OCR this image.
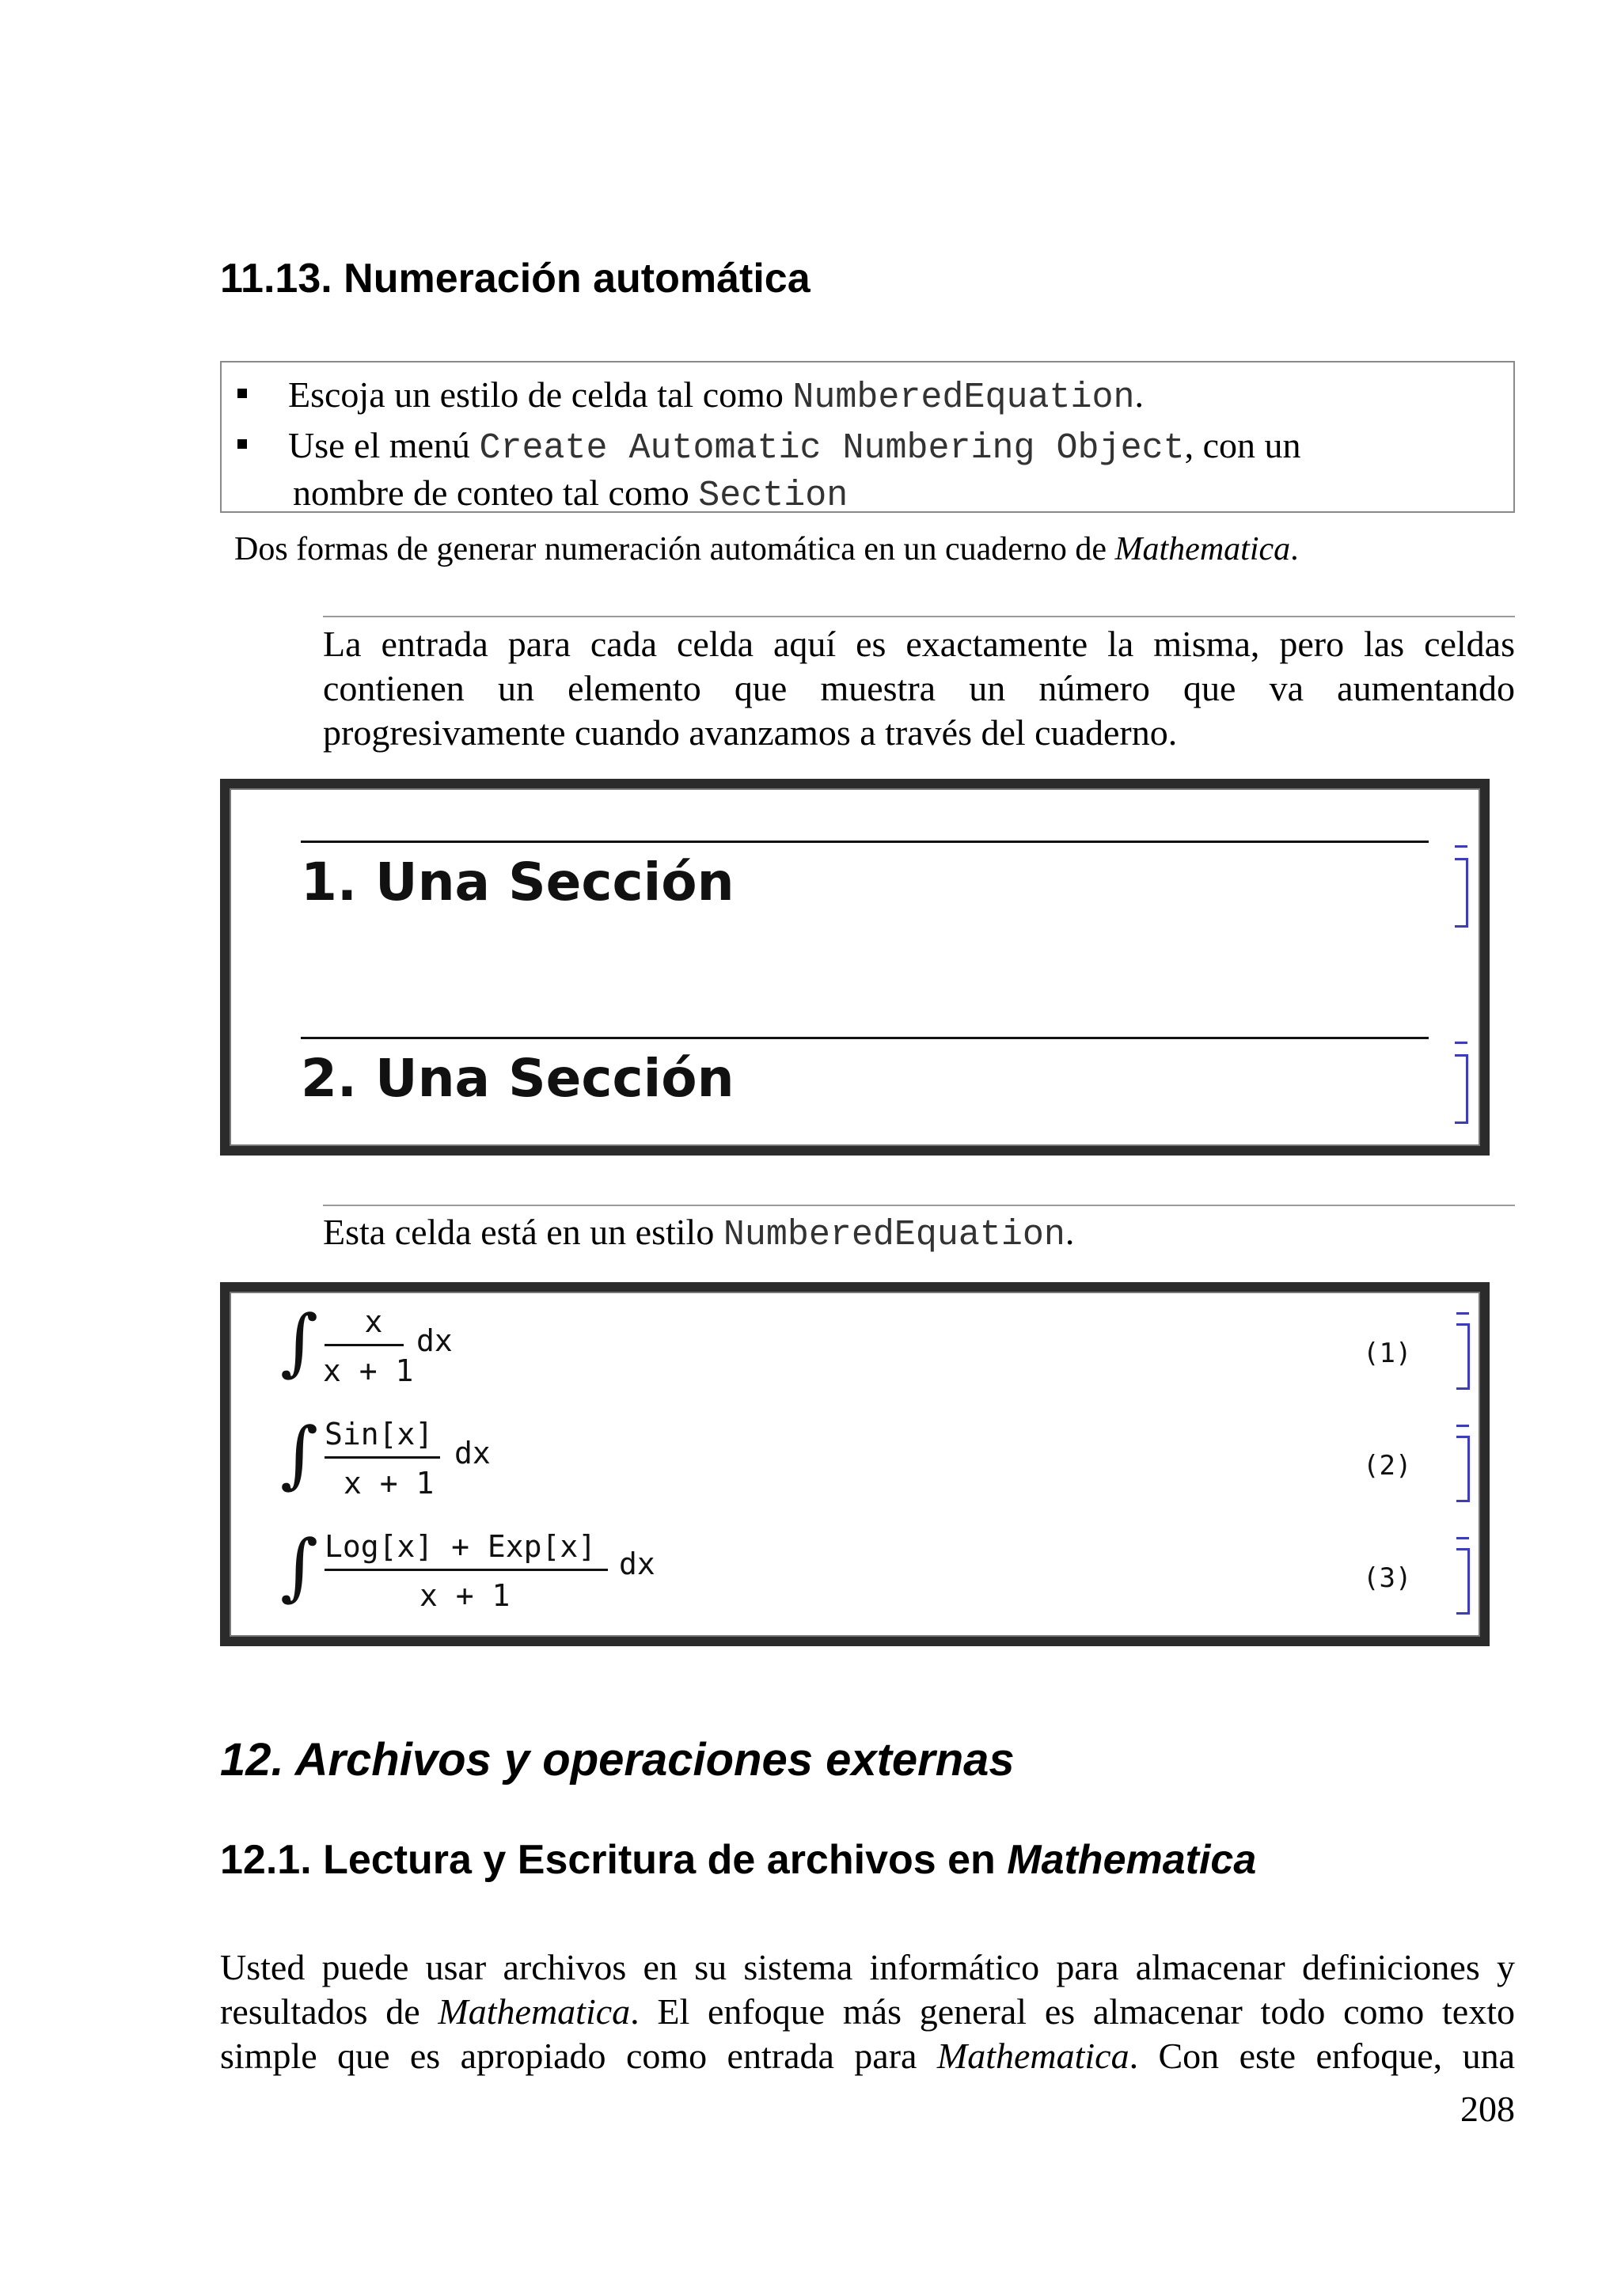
11.13. Numeración automática
Escoja un estilo de celda tal como NumberedEquation.
Use el menú Create Automatic Numbering Object, con un
nombre de conteo tal como Section
Dos formas de generar numeración automática en un cuaderno de Mathematica.
La entrada para cada celda aquí es exactamente la misma, pero las celdas
contienen un elemento que muestra un número que va aumentando
progresivamente cuando avanzamos a través del cuaderno.
1. Una Sección
2. Una Sección
Esta celda está en un estilo NumberedEquation.
∫	x
x + 1
dx	(1)
∫ Sin[x]
x + 1
dx	(2)
∫ Log[x] + Exp[x]
x + 1
dx	(3)
12. Archivos y operaciones externas
12.1. Lectura y Escritura de archivos en Mathematica
Usted puede usar archivos en su sistema informático para almacenar definiciones y
resultados de Mathematica. El enfoque más general es almacenar todo como texto
simple que es apropiado como entrada para Mathematica. Con este enfoque, una
208
